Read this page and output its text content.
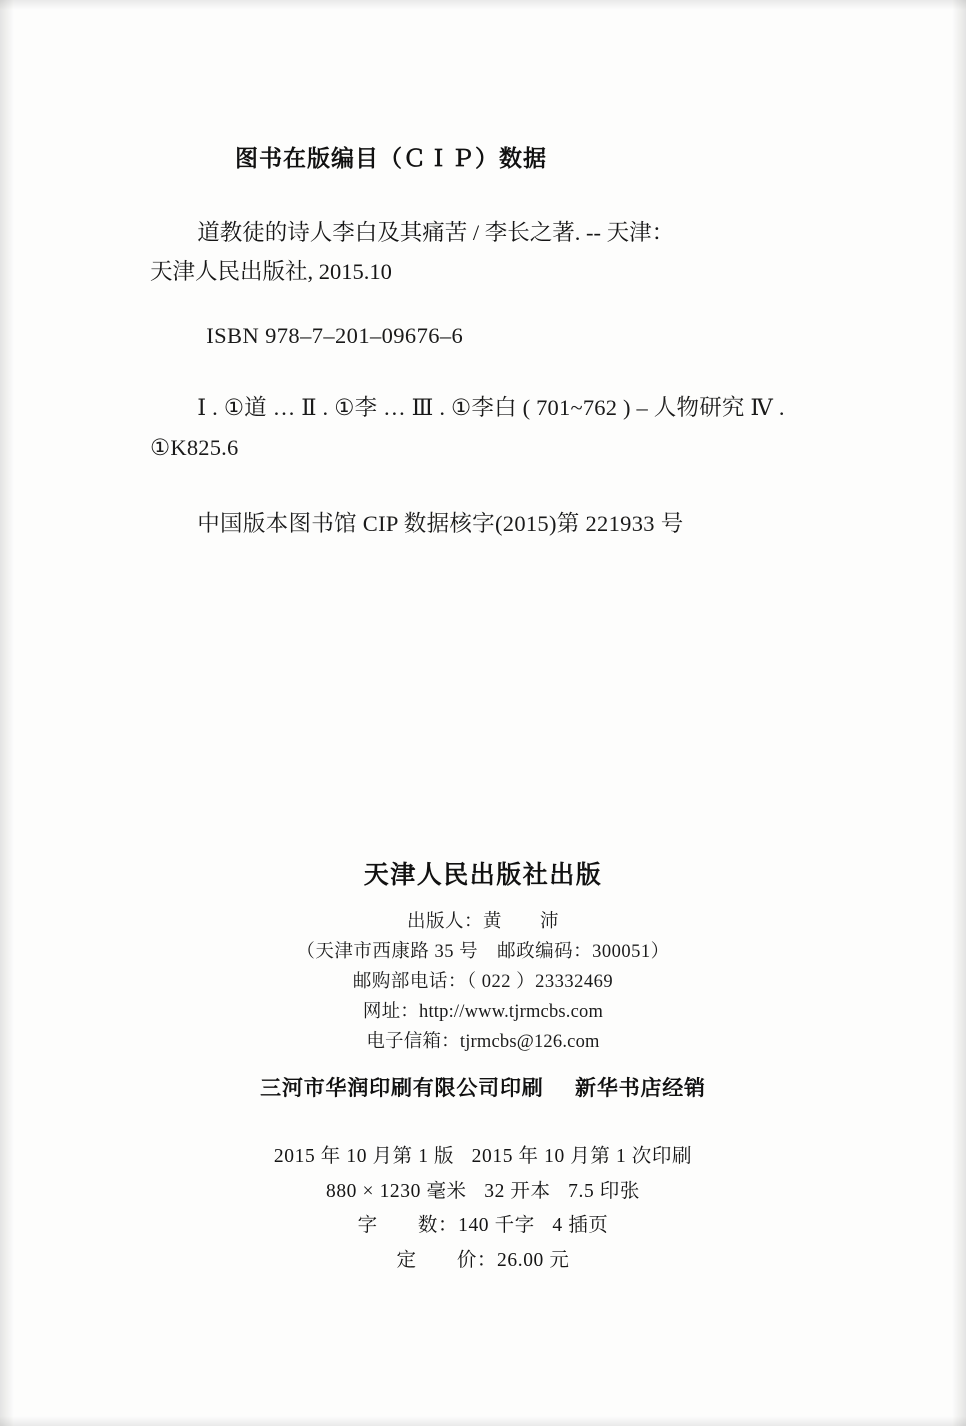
图书在版编目（ＣＩＰ）数据

道教徒的诗人李白及其痛苦 / 李长之著. -- 天津：

天津人民出版社, 2015.10

ISBN 978–7–201–09676–6

Ⅰ . ①道 … Ⅱ . ①李 … Ⅲ . ①李白 ( 701~762 ) – 人物研究 Ⅳ . ①K825.6

中国版本图书馆 CIP 数据核字(2015)第 221933 号

天津人民出版社出版
出版人：黄　　沛
（天津市西康路 35 号　邮政编码：300051）
邮购部电话：（ 022 ）23332469
网址：http://www.tjrmcbs.com
电子信箱：tjrmcbs@126.com
三河市华润印刷有限公司印刷 新华书店经销
2015 年 10 月第 1 版 2015 年 10 月第 1 次印刷
880 × 1230 毫米 32 开本 7.5 印张
字　　数：140 千字 4 插页
定　　价：26.00 元
